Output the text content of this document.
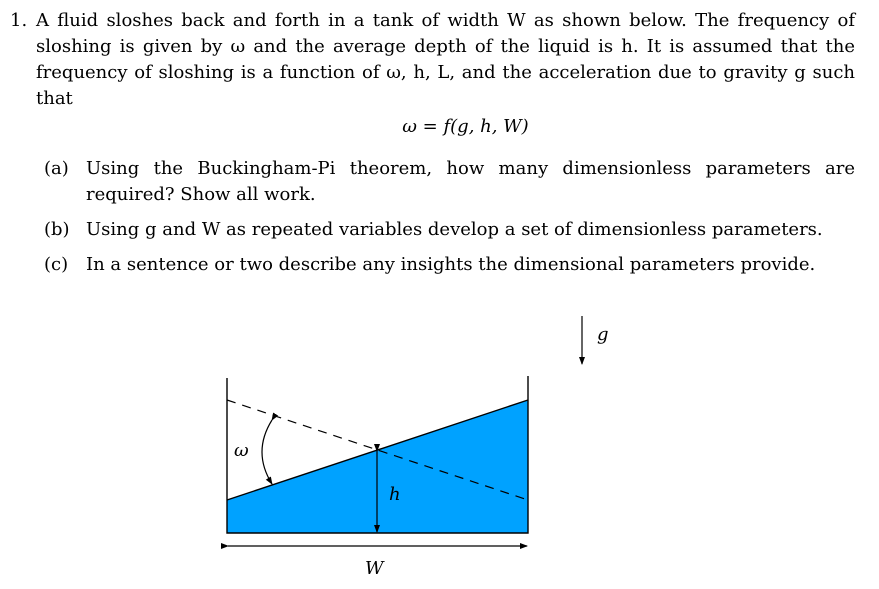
1. A fluid sloshes back and forth in a tank of width W as shown below. The frequency of sloshing is given by ω and the average depth of the liquid is h. It is assumed that the frequency of sloshing is a function of ω, h, L, and the acceleration due to gravity g such that
ω = f(g, h, W)
(a) Using the Buckingham-Pi theorem, how many dimensionless parameters are required? Show all work.
(b) Using g and W as repeated variables develop a set of dimensionless parameters.
(c) In a sentence or two describe any insights the dimensional parameters provide.
ω
h
W
g
